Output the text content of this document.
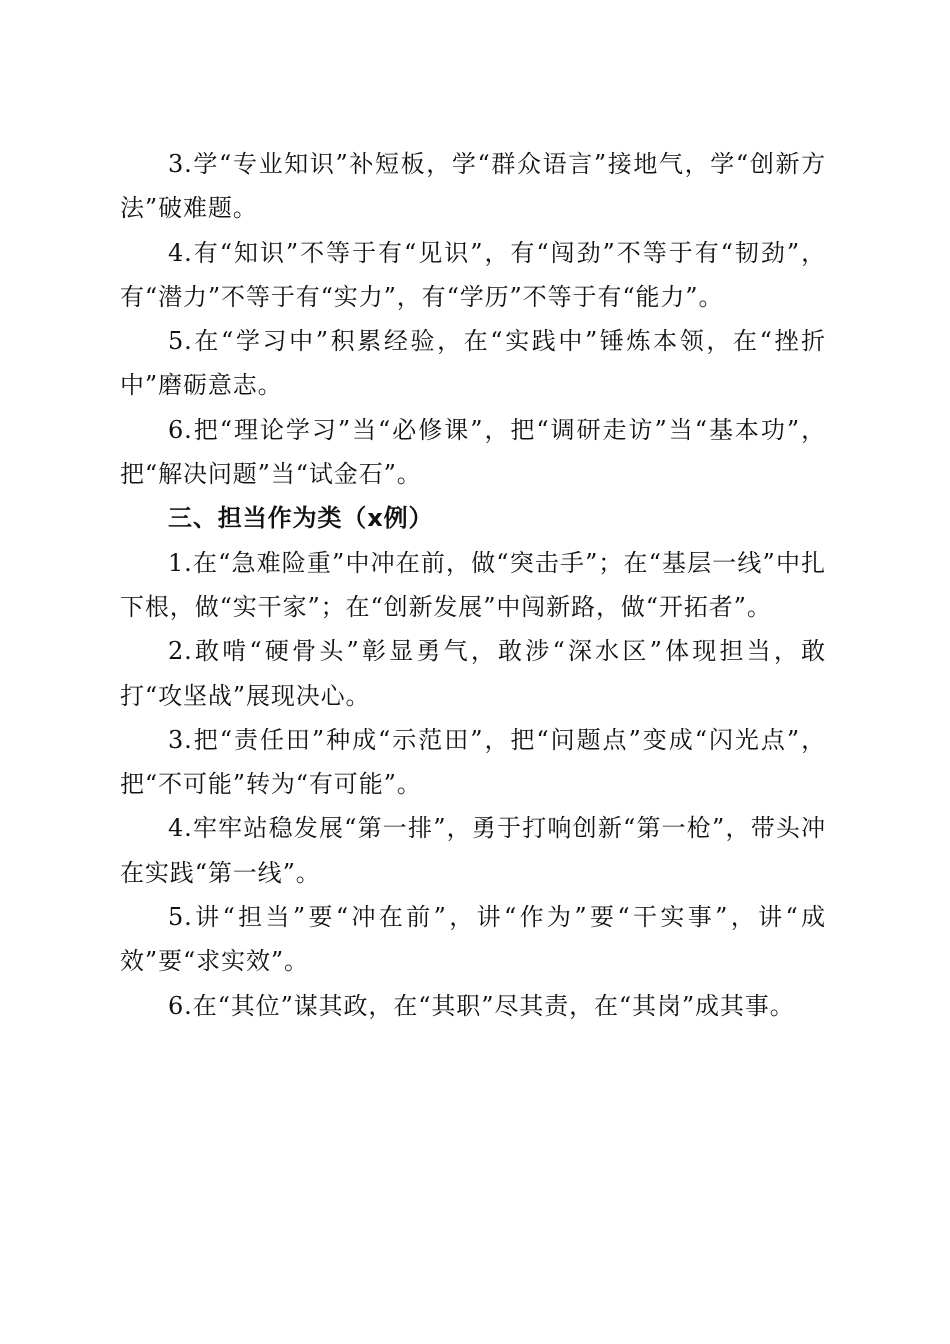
3.学“专业知识”补短板，学“群众语言”接地气，学“创新方法”破难题。

4.有“知识”不等于有“见识”，有“闯劲”不等于有“韧劲”，有“潜力”不等于有“实力”，有“学历”不等于有“能力”。

5.在“学习中”积累经验，在“实践中”锤炼本领，在“挫折中”磨砺意志。

6.把“理论学习”当“必修课”，把“调研走访”当“基本功”，把“解决问题”当“试金石”。

三、担当作为类（x例）

1.在“急难险重”中冲在前，做“突击手”；在“基层一线”中扎下根，做“实干家”；在“创新发展”中闯新路，做“开拓者”。

2.敢啃“硬骨头”彰显勇气，敢涉“深水区”体现担当，敢打“攻坚战”展现决心。

3.把“责任田”种成“示范田”，把“问题点”变成“闪光点”，把“不可能”转为“有可能”。

4.牢牢站稳发展“第一排”，勇于打响创新“第一枪”，带头冲在实践“第一线”。

5.讲“担当”要“冲在前”，讲“作为”要“干实事”，讲“成效”要“求实效”。

6.在“其位”谋其政，在“其职”尽其责，在“其岗”成其事。
